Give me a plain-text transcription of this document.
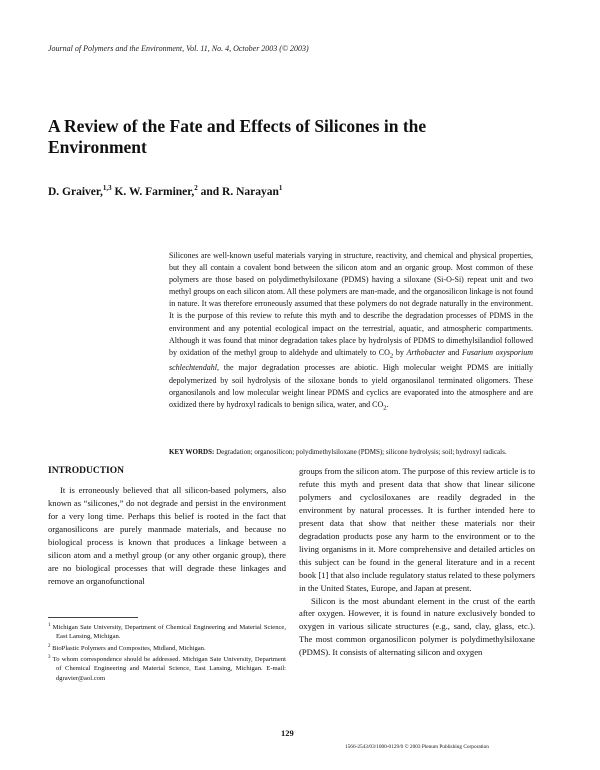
Journal of Polymers and the Environment, Vol. 11, No. 4, October 2003 (© 2003)
A Review of the Fate and Effects of Silicones in the
Environment
D. Graiver,$^{1,3}$ K. W. Farminer,$^2$ and R. Narayan$^1$
Silicones are well-known useful materials varying in structure, reactivity, and chemical and physical properties, but they all contain a covalent bond between the silicon atom and an organic group. Most common of these polymers are those based on polydimethylsiloxane (PDMS) having a siloxane (Si-O-Si) repeat unit and two methyl groups on each silicon atom. All these polymers are man-made, and the organosilicon linkage is not found in nature. It was therefore erroneously assumed that these polymers do not degrade naturally in the environment. It is the purpose of this review to refute this myth and to describe the degradation processes of PDMS in the environment and any potential ecological impact on the terrestrial, aquatic, and atmospheric compartments. Although it was found that minor degradation takes place by hydrolysis of PDMS to dimethylsilandiol followed by oxidation of the methyl group to aldehyde and ultimately to $CO_2$ by Arthobacter and Fusarium oxysporium schlechtendahl, the major degradation processes are abiotic. High molecular weight PDMS are initially depolymerized by soil hydrolysis of the siloxane bonds to yield organosilanol terminated oligomers. These organosilanols and low molecular weight linear PDMS and cyclics are evaporated into the atmosphere and are oxidized there by hydroxyl radicals to benign silica, water, and $CO_2$.
KEY WORDS: Degradation; organosilicon; polydimethylsiloxane (PDMS); silicone hydrolysis; soil; hydroxyl radicals.
INTRODUCTION

It is erroneously believed that all silicon-based polymers, also known as “silicones,” do not degrade and persist in the environment for a very long time. Perhaps this belief is rooted in the fact that organosilicons are purely manmade materials, and because no biological process is known that produces a linkage between a silicon atom and a methyl group (or any other organic group), there are no biological processes that will degrade these linkages and remove an organofunctional

groups from the silicon atom. The purpose of this review article is to refute this myth and present data that show that linear silicone polymers and cyclosiloxanes are readily degraded in the environment by natural processes. It is further intended here to present data that show that neither these materials nor their degradation products pose any harm to the environment or to the living organisms in it. More comprehensive and detailed articles on this subject can be found in the general literature and in a recent book [1] that also include regulatory status related to these polymers in the United States, Europe, and Japan at present.

Silicon is the most abundant element in the crust of the earth after oxygen. However, it is found in nature exclusively bonded to oxygen in various silicate structures (e.g., sand, clay, glass, etc.). The most common organosilicon polymer is polydimethylsiloxane (PDMS). It consists of alternating silicon and oxygen

$^1$ Michigan Sate University, Department of Chemical Engineering and Material Science, East Lansing, Michigan.
$^2$ BioPlastic Polymers and Composites, Midland, Michigan.
$^3$ To whom correspondence should be addressed. Michigan Sate University, Department of Chemical Engineering and Material Science, East Lansing, Michigan. E-mail: dgravier@aol.com
129
1566-2543/03/1000-0129/0 © 2003 Plenum Publishing Corporation
